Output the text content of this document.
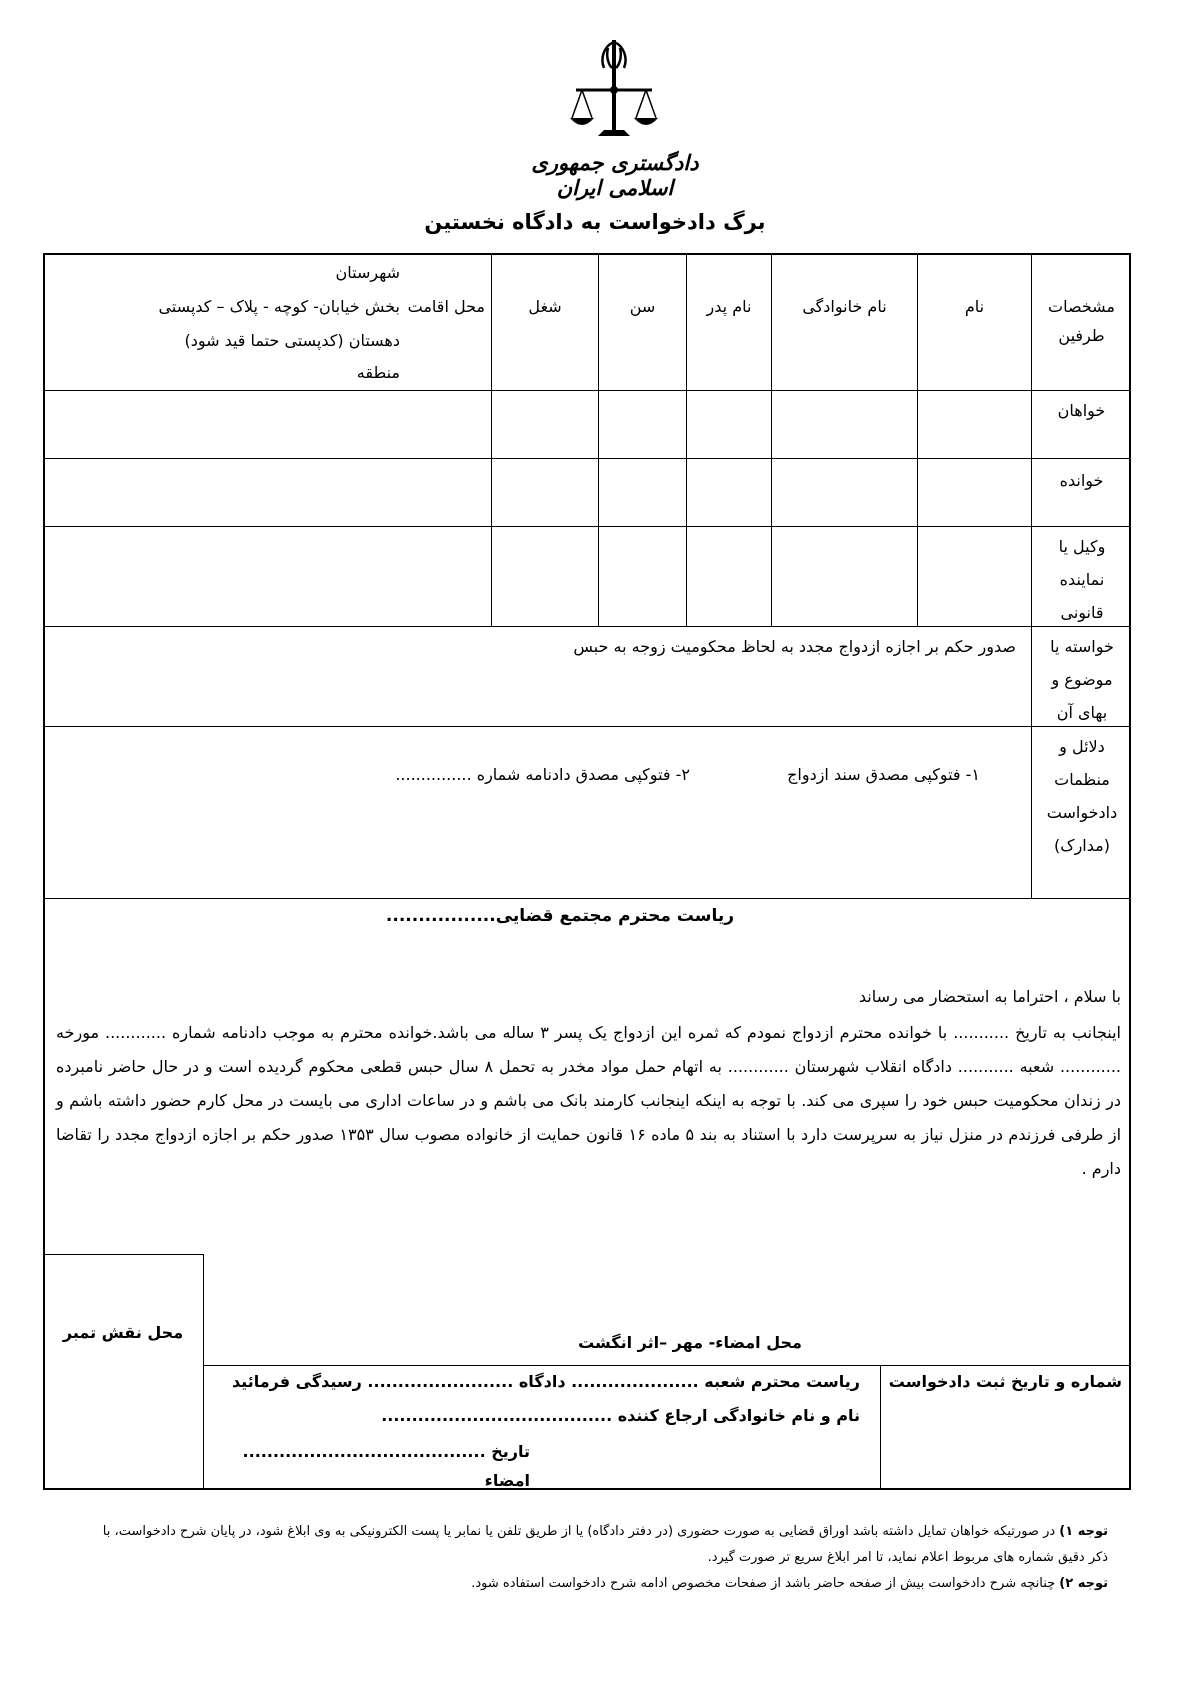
دادگستری جمهوری اسلامی ایران
برگ دادخواست به دادگاه نخستین
مشخصات طرفین
نام
نام خانوادگی
نام پدر
سن
شغل
محل اقامت
شهرستان
بخش خیابان- کوچه - پلاک – کدپستی
دهستان (کدپستی حتما قید شود)
منطقه
خواهان
خوانده
وکیل یا نماینده قانونی
خواسته یا موضوع و بهای آن
صدور حکم بر اجازه ازدواج مجدد به لحاظ محکومیت زوجه به حبس
دلائل و منظمات دادخواست (مدارک)
۱- فتوکپی مصدق سند ازدواج
۲- فتوکپی مصدق دادنامه شماره ...............
ریاست محترم مجتمع قضایی.................
با سلام ، احتراما به استحضار می رساند
اینجانب به تاریخ ........... با خوانده محترم ازدواج نمودم که ثمره این ازدواج یک پسر ۳ ساله می باشد.خوانده محترم به موجب دادنامه شماره ............ مورخه ............ شعبه ........... دادگاه انقلاب شهرستان ............ به اتهام حمل مواد مخدر به تحمل ۸ سال حبس قطعی محکوم گردیده است و در حال حاضر نامبرده در زندان محکومیت حبس خود را سپری می کند. با توجه به اینکه اینجانب کارمند بانک می باشم و در ساعات اداری می بایست در محل کارم حضور داشته باشم و از طرفی فرزندم در منزل نیاز به سرپرست دارد با استناد به بند ۵ ماده ۱۶ قانون حمایت از خانواده مصوب سال ۱۳۵۳ صدور حکم بر اجازه ازدواج مجدد را تقاضا دارم .
محل نقش تمبر
محل امضاء- مهر –اثر انگشت
شماره و تاریخ ثبت دادخواست
ریاست محترم شعبه ..................... دادگاه ........................ رسیدگی فرمائید
نام و نام خانوادگی ارجاع کننده ......................................
تاریخ ........................................ امضاء
توجه ۱) در صورتیکه خواهان تمایل داشته باشد اوراق قضایی به صورت حضوری (در دفتر دادگاه) یا از طریق تلفن یا نمابر یا پست الکترونیکی به وی ابلاغ شود، در پایان شرح دادخواست، با ذکر دقیق شماره های مربوط اعلام نماید، تا امر ابلاغ سریع تر صورت گیرد.
توجه ۲) چنانچه شرح دادخواست بیش از صفحه حاضر باشد از صفحات مخصوص ادامه شرح دادخواست استفاده شود.
